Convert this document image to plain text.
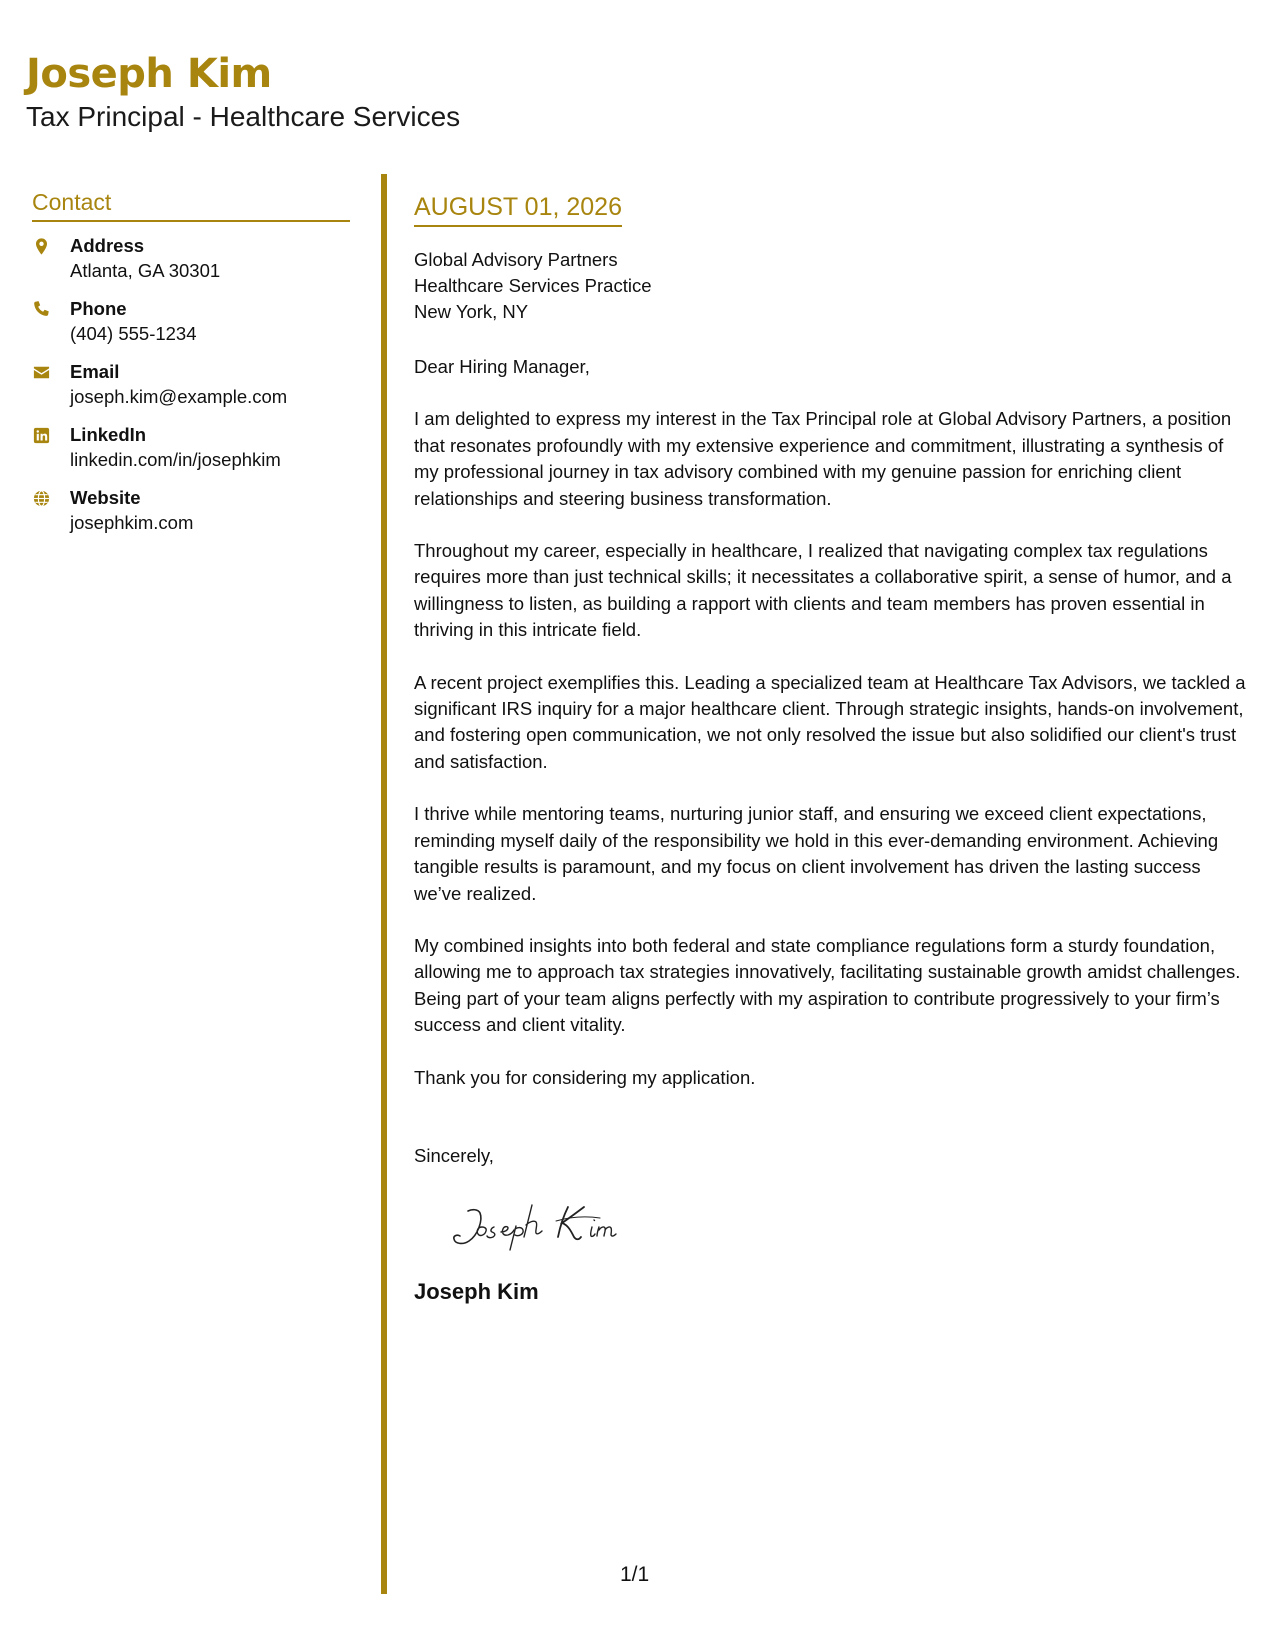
Joseph Kim
Tax Principal - Healthcare Services
Contact
Address
Atlanta, GA 30301
Phone
(404) 555-1234
Email
joseph.kim@example.com
LinkedIn
linkedin.com/in/josephkim
Website
josephkim.com
AUGUST 01, 2026
Global Advisory Partners
Healthcare Services Practice
New York, NY
Dear Hiring Manager,

I am delighted to express my interest in the Tax Principal role at Global Advisory Partners, a position that resonates profoundly with my extensive experience and commitment, illustrating a synthesis of my professional journey in tax advisory combined with my genuine passion for enriching client relationships and steering business transformation.

Throughout my career, especially in healthcare, I realized that navigating complex tax regulations requires more than just technical skills; it necessitates a collaborative spirit, a sense of humor, and a willingness to listen, as building a rapport with clients and team members has proven essential in thriving in this intricate field.

A recent project exemplifies this. Leading a specialized team at Healthcare Tax Advisors, we tackled a significant IRS inquiry for a major healthcare client. Through strategic insights, hands-on involvement, and fostering open communication, we not only resolved the issue but also solidified our client's trust and satisfaction.

I thrive while mentoring teams, nurturing junior staff, and ensuring we exceed client expectations, reminding myself daily of the responsibility we hold in this ever-demanding environment. Achieving tangible results is paramount, and my focus on client involvement has driven the lasting success we’ve realized.

My combined insights into both federal and state compliance regulations form a sturdy foundation, allowing me to approach tax strategies innovatively, facilitating sustainable growth amidst challenges. Being part of your team aligns perfectly with my aspiration to contribute progressively to your firm’s success and client vitality.

Thank you for considering my application.

Sincerely,
Joseph Kim
1/1
